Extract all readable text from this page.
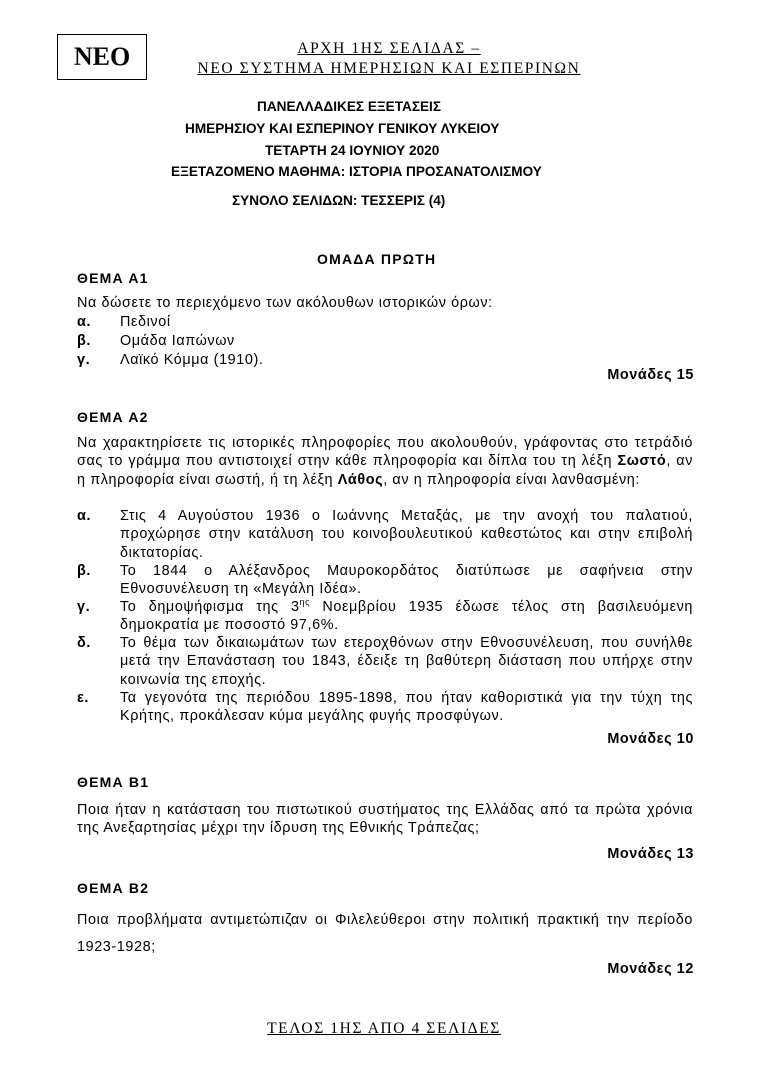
ΝΕΟ	ΑΡΧΗ 1ΗΣ ΣΕΛΙΔΑΣ –
ΝΕΟ ΣΥΣΤΗΜΑ ΗΜΕΡΗΣΙΩΝ ΚΑΙ ΕΣΠΕΡΙΝΩΝ
ΠΑΝΕΛΛΑΔΙΚΕΣ ΕΞΕΤΑΣΕΙΣ
ΗΜΕΡΗΣΙΟΥ ΚΑΙ ΕΣΠΕΡΙΝΟΥ ΓΕΝΙΚΟΥ ΛΥΚΕΙΟΥ
ΤΕΤΑΡΤΗ 24 ΙΟΥΝΙΟΥ 2020
ΕΞΕΤΑΖΟΜΕΝΟ ΜΑΘΗΜΑ: ΙΣΤΟΡΙΑ ΠΡΟΣΑΝΑΤΟΛΙΣΜΟΥ
ΣΥΝΟΛΟ ΣΕΛΙΔΩΝ: ΤΕΣΣΕΡΙΣ (4)
ΟΜΑΔΑ ΠΡΩΤΗ
ΘΕΜΑ Α1
Να δώσετε το περιεχόμενο των ακόλουθων ιστορικών όρων:
α. Πεδινοί
β. Ομάδα Ιαπώνων
γ. Λαϊκό Κόμμα (1910).
Μονάδες 15
ΘΕΜΑ Α2
Να χαρακτηρίσετε τις ιστορικές πληροφορίες που ακολουθούν, γράφοντας στο τετράδιό σας το γράμμα που αντιστοιχεί στην κάθε πληροφορία και δίπλα του τη λέξη Σωστό, αν η πληροφορία είναι σωστή, ή τη λέξη Λάθος, αν η πληροφορία είναι λανθασμένη:
α. Στις 4 Αυγούστου 1936 ο Ιωάννης Μεταξάς, με την ανοχή του παλατιού, προχώρησε στην κατάλυση του κοινοβουλευτικού καθεστώτος και στην επιβολή δικτατορίας.
β. Το 1844 ο Αλέξανδρος Μαυροκορδάτος διατύπωσε με σαφήνεια στην Εθνοσυνέλευση τη «Μεγάλη Ιδέα».
γ. Το δημοψήφισμα της $3^{\eta\varsigma}$ Νοεμβρίου 1935 έδωσε τέλος στη βασιλευόμενη δημοκρατία με ποσοστό 97,6%.
δ. Το θέμα των δικαιωμάτων των ετεροχθόνων στην Εθνοσυνέλευση, που συνήλθε μετά την Επανάσταση του 1843, έδειξε τη βαθύτερη διάσταση που υπήρχε στην κοινωνία της εποχής.
ε. Τα γεγονότα της περιόδου 1895-1898, που ήταν καθοριστικά για την τύχη της Κρήτης, προκάλεσαν κύμα μεγάλης φυγής προσφύγων.
Μονάδες 10
ΘΕΜΑ Β1
Ποια ήταν η κατάσταση του πιστωτικού συστήματος της Ελλάδας από τα πρώτα χρόνια της Ανεξαρτησίας μέχρι την ίδρυση της Εθνικής Τράπεζας;
Μονάδες 13
ΘΕΜΑ Β2
Ποια προβλήματα αντιμετώπιζαν οι Φιλελεύθεροι στην πολιτική πρακτική την περίοδο 1923-1928;
Μονάδες 12
ΤΕΛΟΣ 1ΗΣ ΑΠΟ 4 ΣΕΛΙΔΕΣ
